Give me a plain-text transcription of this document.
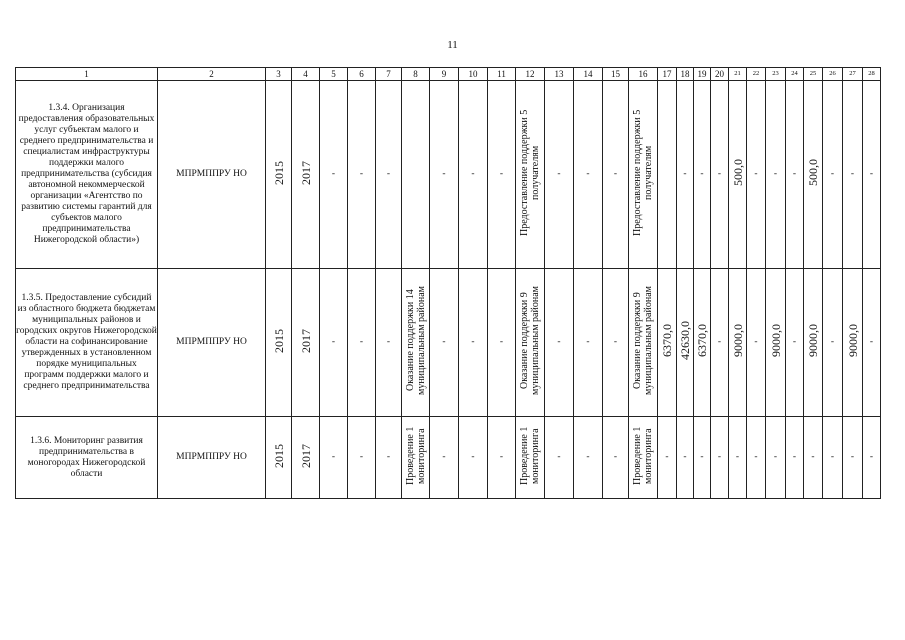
11
1	2	3	4	5	6	7	8	9	10	11	12	13	14	15	16	17	18	19	20	21	22	23	24	25	26	27	28
1.3.4. Организация предоставления образовательных услуг субъектам малого и среднего предпринимательства и специалистам инфраструктуры поддержки малого предпринимательства (субсидия автономной некоммерческой организации «Агентство по развитию системы гарантий для субъектов малого предпринимательства Нижегородской области»)	МПРМППРУ НО	2015	2017	-	-	-		-	-	-	Предоставление поддержки 5 получателям	-	-	-	Предоставление поддержки 5 получателям		-	-	-	500,0	-	-	-	500,0	-	-	-
1.3.5. Предоставление субсидий из областного бюджета бюджетам муниципальных районов и городских округов Нижегородской области на софинансирование утвержденных в установленном порядке муниципальных программ поддержки малого и среднего предпринимательства	МПРМППРУ НО	2015	2017	-	-	-	Оказание поддержки 14 муниципальным районам	-	-	-	Оказание поддержки 9 муниципальным районам	-	-	-	Оказание поддержки 9 муниципальным районам	6370,0	42630,0	6370,0	-	9000,0	-	9000,0	-	9000,0	-	9000,0	-
1.3.6. Мониторинг развития предпринимательства в моногородах Нижегородской области	МПРМППРУ НО	2015	2017	-	-	-	Проведение 1 мониторинга	-	-	-	Проведение 1 мониторинга	-	-	-	Проведение 1 мониторинга	-	-	-	-	-	-	-	-	-	-	-	-
